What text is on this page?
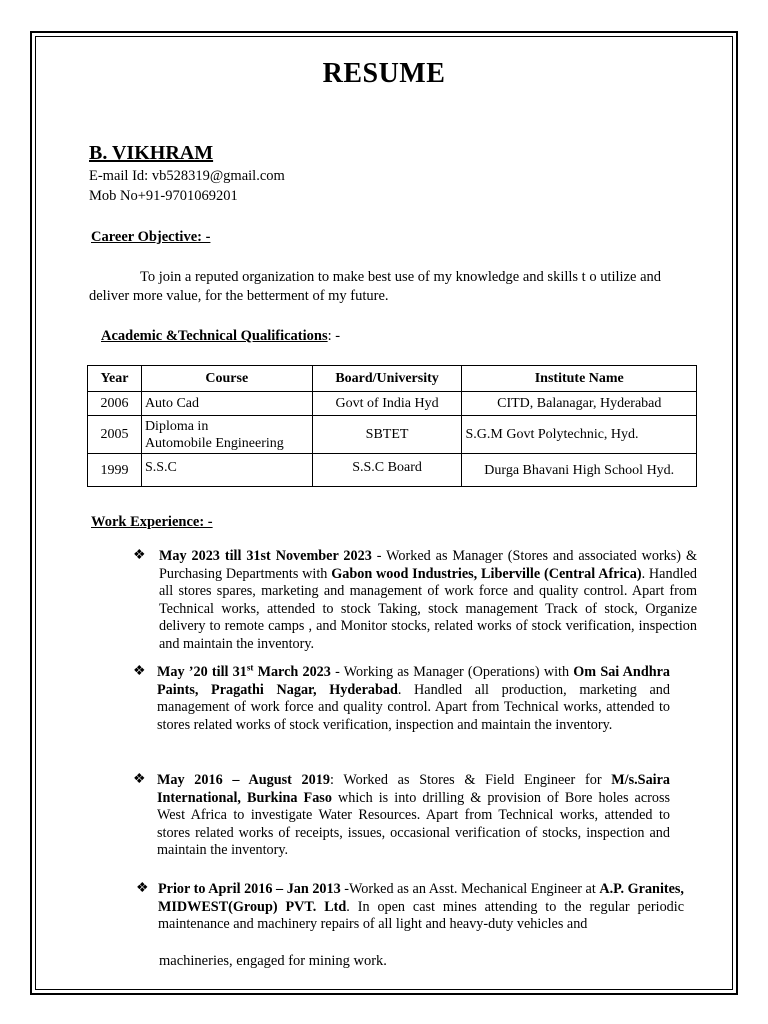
RESUME
B. VIKHRAM
E-mail Id: vb528319@gmail.com
Mob No+91-9701069201
Career Objective: -
To join a reputed organization to make best use of my knowledge and skills t o utilize and
deliver more value, for the betterment of my future.
Academic &Technical Qualifications: -
Year	Course	Board/University	Institute Name
2006	Auto Cad	Govt of India Hyd	CITD, Balanagar, Hyderabad
2005	Diploma in
Automobile Engineering	SBTET	S.G.M Govt Polytechnic, Hyd.
1999	S.S.C	S.S.C Board	Durga Bhavani High School Hyd.
Work Experience: -
❖ May 2023 till 31st November 2023 - Worked as Manager (Stores and associated works) & Purchasing Departments with Gabon wood Industries, Liberville (Central Africa). Handled all stores spares, marketing and management of work force and quality control. Apart from Technical works, attended to stock Taking, stock management Track of stock, Organize delivery to remote camps , and Monitor stocks, related works of stock verification, inspection and maintain the inventory.
❖ May ’20 till 31st March 2023 - Working as Manager (Operations) with Om Sai Andhra Paints, Pragathi Nagar, Hyderabad. Handled all production, marketing and management of work force and quality control. Apart from Technical works, attended to stores related works of stock verification, inspection and maintain the inventory.
❖ May 2016 – August 2019: Worked as Stores & Field Engineer for M/s.Saira International, Burkina Faso which is into drilling & provision of Bore holes across West Africa to investigate Water Resources. Apart from Technical works, attended to stores related works of receipts, issues, occasional verification of stocks, inspection and maintain the inventory.
❖ Prior to April 2016 – Jan 2013 -Worked as an Asst. Mechanical Engineer at A.P. Granites, MIDWEST(Group) PVT. Ltd. In open cast mines attending to the regular periodic maintenance and machinery repairs of all light and heavy-duty vehicles and
machineries, engaged for mining work.
